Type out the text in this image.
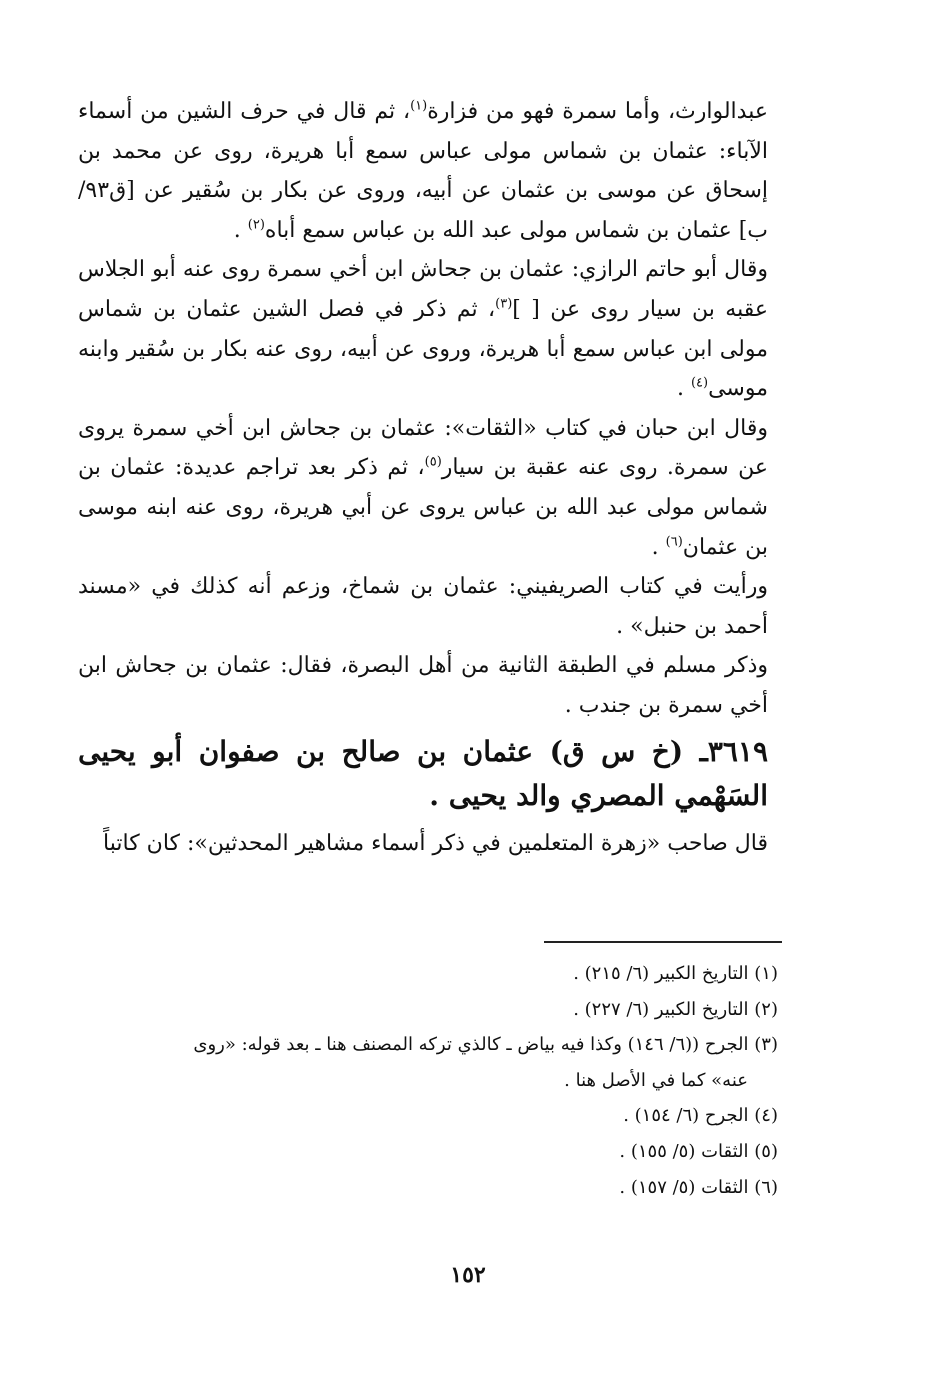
عبدالوارث، وأما سمرة فهو من فزارة$^{(١)}$، ثم قال في حرف الشين من أسماء الآباء: عثمان بن شماس مولى عباس سمع أبا هريرة، روى عن محمد بن إسحاق عن موسى بن عثمان عن أبيه، وروى عن بكار بن سُقير عن [ق٩٣/ب] عثمان بن شماس مولى عبد الله بن عباس سمع أباه$^{(٢)}$ .

وقال أبو حاتم الرازي: عثمان بن جحاش ابن أخي سمرة روى عنه أبو الجلاس عقبه بن سيار روى عن [ ]$^{(٣)}$، ثم ذكر في فصل الشين عثمان بن شماس مولى ابن عباس سمع أبا هريرة، وروى عن أبيه، روى عنه بكار بن سُقير وابنه موسى$^{(٤)}$ .

وقال ابن حبان في كتاب «الثقات»: عثمان بن جحاش ابن أخي سمرة يروى عن سمرة. روى عنه عقبة بن سيار$^{(٥)}$، ثم ذكر بعد تراجم عديدة: عثمان بن شماس مولى عبد الله بن عباس يروى عن أبي هريرة، روى عنه ابنه موسى بن عثمان$^{(٦)}$ .

ورأيت في كتاب الصريفيني: عثمان بن شماخ، وزعم أنه كذلك في «مسند أحمد بن حنبل» .

وذكر مسلم في الطبقة الثانية من أهل البصرة، فقال: عثمان بن جحاش ابن أخي سمرة بن جندب .

٣٦١٩ـ (خ س ق) عثمان بن صالح بن صفوان أبو يحيى السَهْمي المصري والد يحيى .

قال صاحب «زهرة المتعلمين في ذكر أسماء مشاهير المحدثين»: كان كاتباً

(١) التاريخ الكبير (٦/ ٢١٥) .

(٢) التاريخ الكبير (٦/ ٢٢٧) .

(٣) الجرح ((٦/ ١٤٦) وكذا فيه بياض ـ كالذي تركه المصنف هنا ـ بعد قوله: «روى

عنه» كما في الأصل هنا .

(٤) الجرح (٦/ ١٥٤) .

(٥) الثقات (٥/ ١٥٥) .

(٦) الثقات (٥/ ١٥٧) .

١٥٢
